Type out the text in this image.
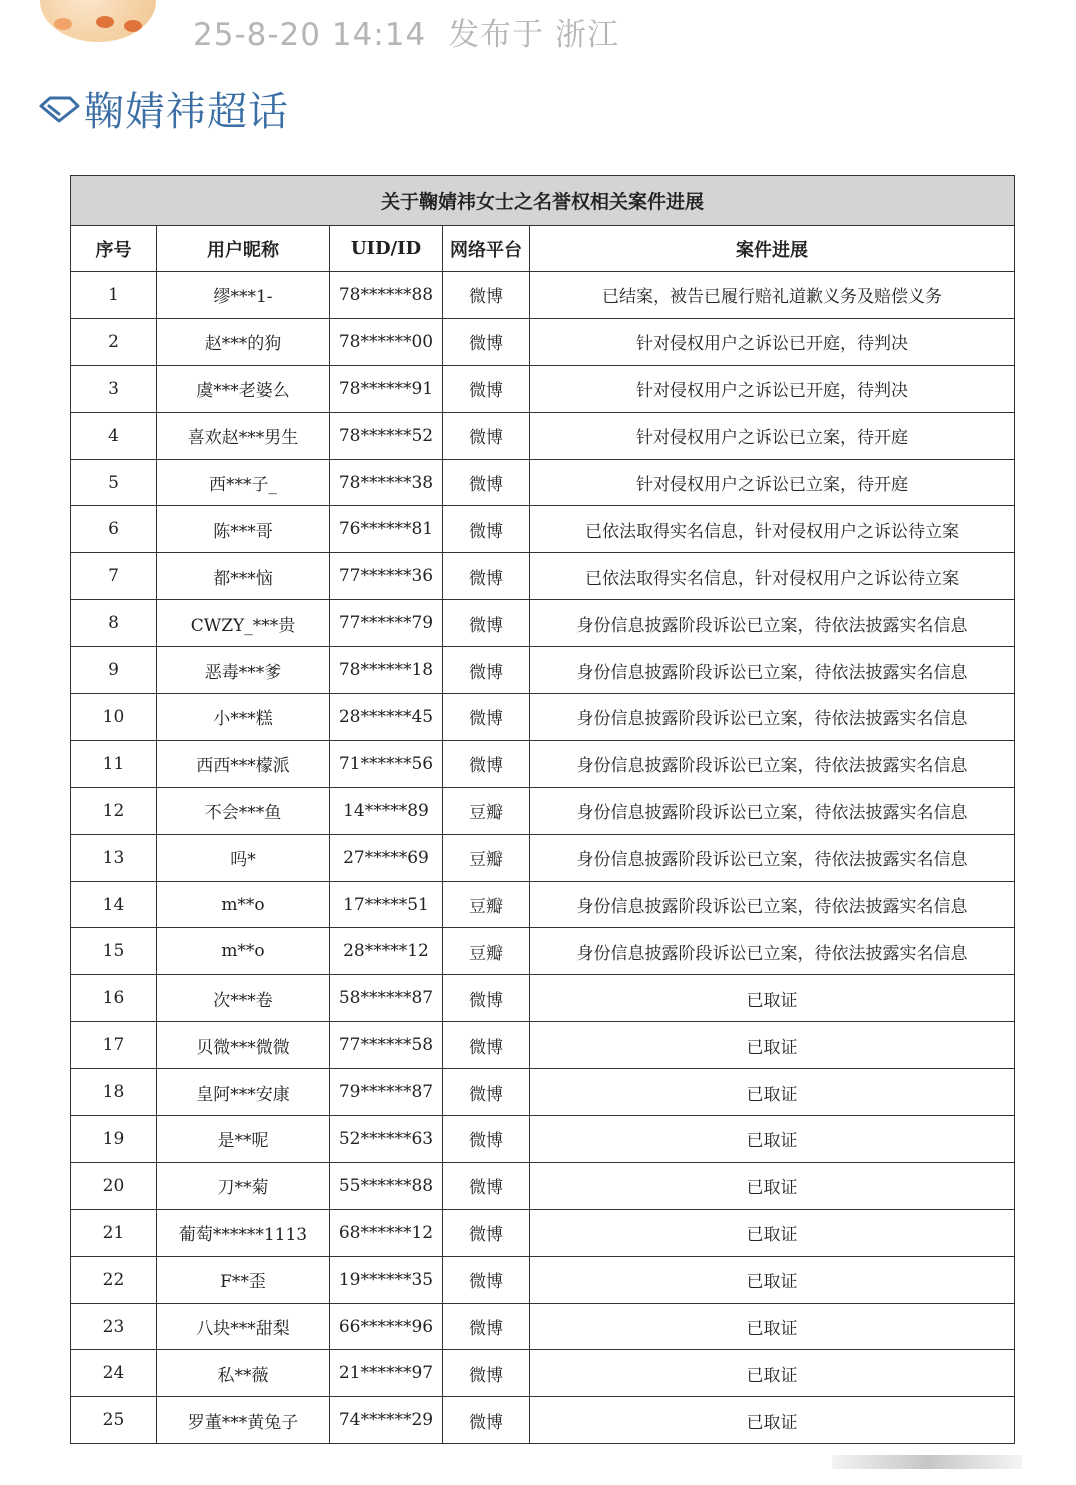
25-8-20 14:14 发布于 浙江
鞠婧祎超话
关于鞠婧祎女士之名誉权相关案件进展				
序号	用户昵称	UID/ID	网络平台	案件进展
1	缪***1-	78******88	微博	已结案，被告已履行赔礼道歉义务及赔偿义务
2	赵***的狗	78******00	微博	针对侵权用户之诉讼已开庭，待判决
3	虞***老婆么	78******91	微博	针对侵权用户之诉讼已开庭，待判决
4	喜欢赵***男生	78******52	微博	针对侵权用户之诉讼已立案，待开庭
5	西***子_	78******38	微博	针对侵权用户之诉讼已立案，待开庭
6	陈***哥	76******81	微博	已依法取得实名信息，针对侵权用户之诉讼待立案
7	都***恼	77******36	微博	已依法取得实名信息，针对侵权用户之诉讼待立案
8	CWZY_***贵	77******79	微博	身份信息披露阶段诉讼已立案，待依法披露实名信息
9	恶毒***爹	78******18	微博	身份信息披露阶段诉讼已立案，待依法披露实名信息
10	小***糕	28******45	微博	身份信息披露阶段诉讼已立案，待依法披露实名信息
11	西西***檬派	71******56	微博	身份信息披露阶段诉讼已立案，待依法披露实名信息
12	不会***鱼	14*****89	豆瓣	身份信息披露阶段诉讼已立案，待依法披露实名信息
13	吗*	27*****69	豆瓣	身份信息披露阶段诉讼已立案，待依法披露实名信息
14	m**o	17*****51	豆瓣	身份信息披露阶段诉讼已立案，待依法披露实名信息
15	m**o	28*****12	豆瓣	身份信息披露阶段诉讼已立案，待依法披露实名信息
16	次***卷	58******87	微博	已取证
17	贝微***微微	77******58	微博	已取证
18	皇阿***安康	79******87	微博	已取证
19	是**呢	52******63	微博	已取证
20	刀**菊	55******88	微博	已取证
21	葡萄******1113	68******12	微博	已取证
22	F**歪	19******35	微博	已取证
23	八块***甜梨	66******96	微博	已取证
24	私**薇	21******97	微博	已取证
25	罗董***黄兔子	74******29	微博	已取证
